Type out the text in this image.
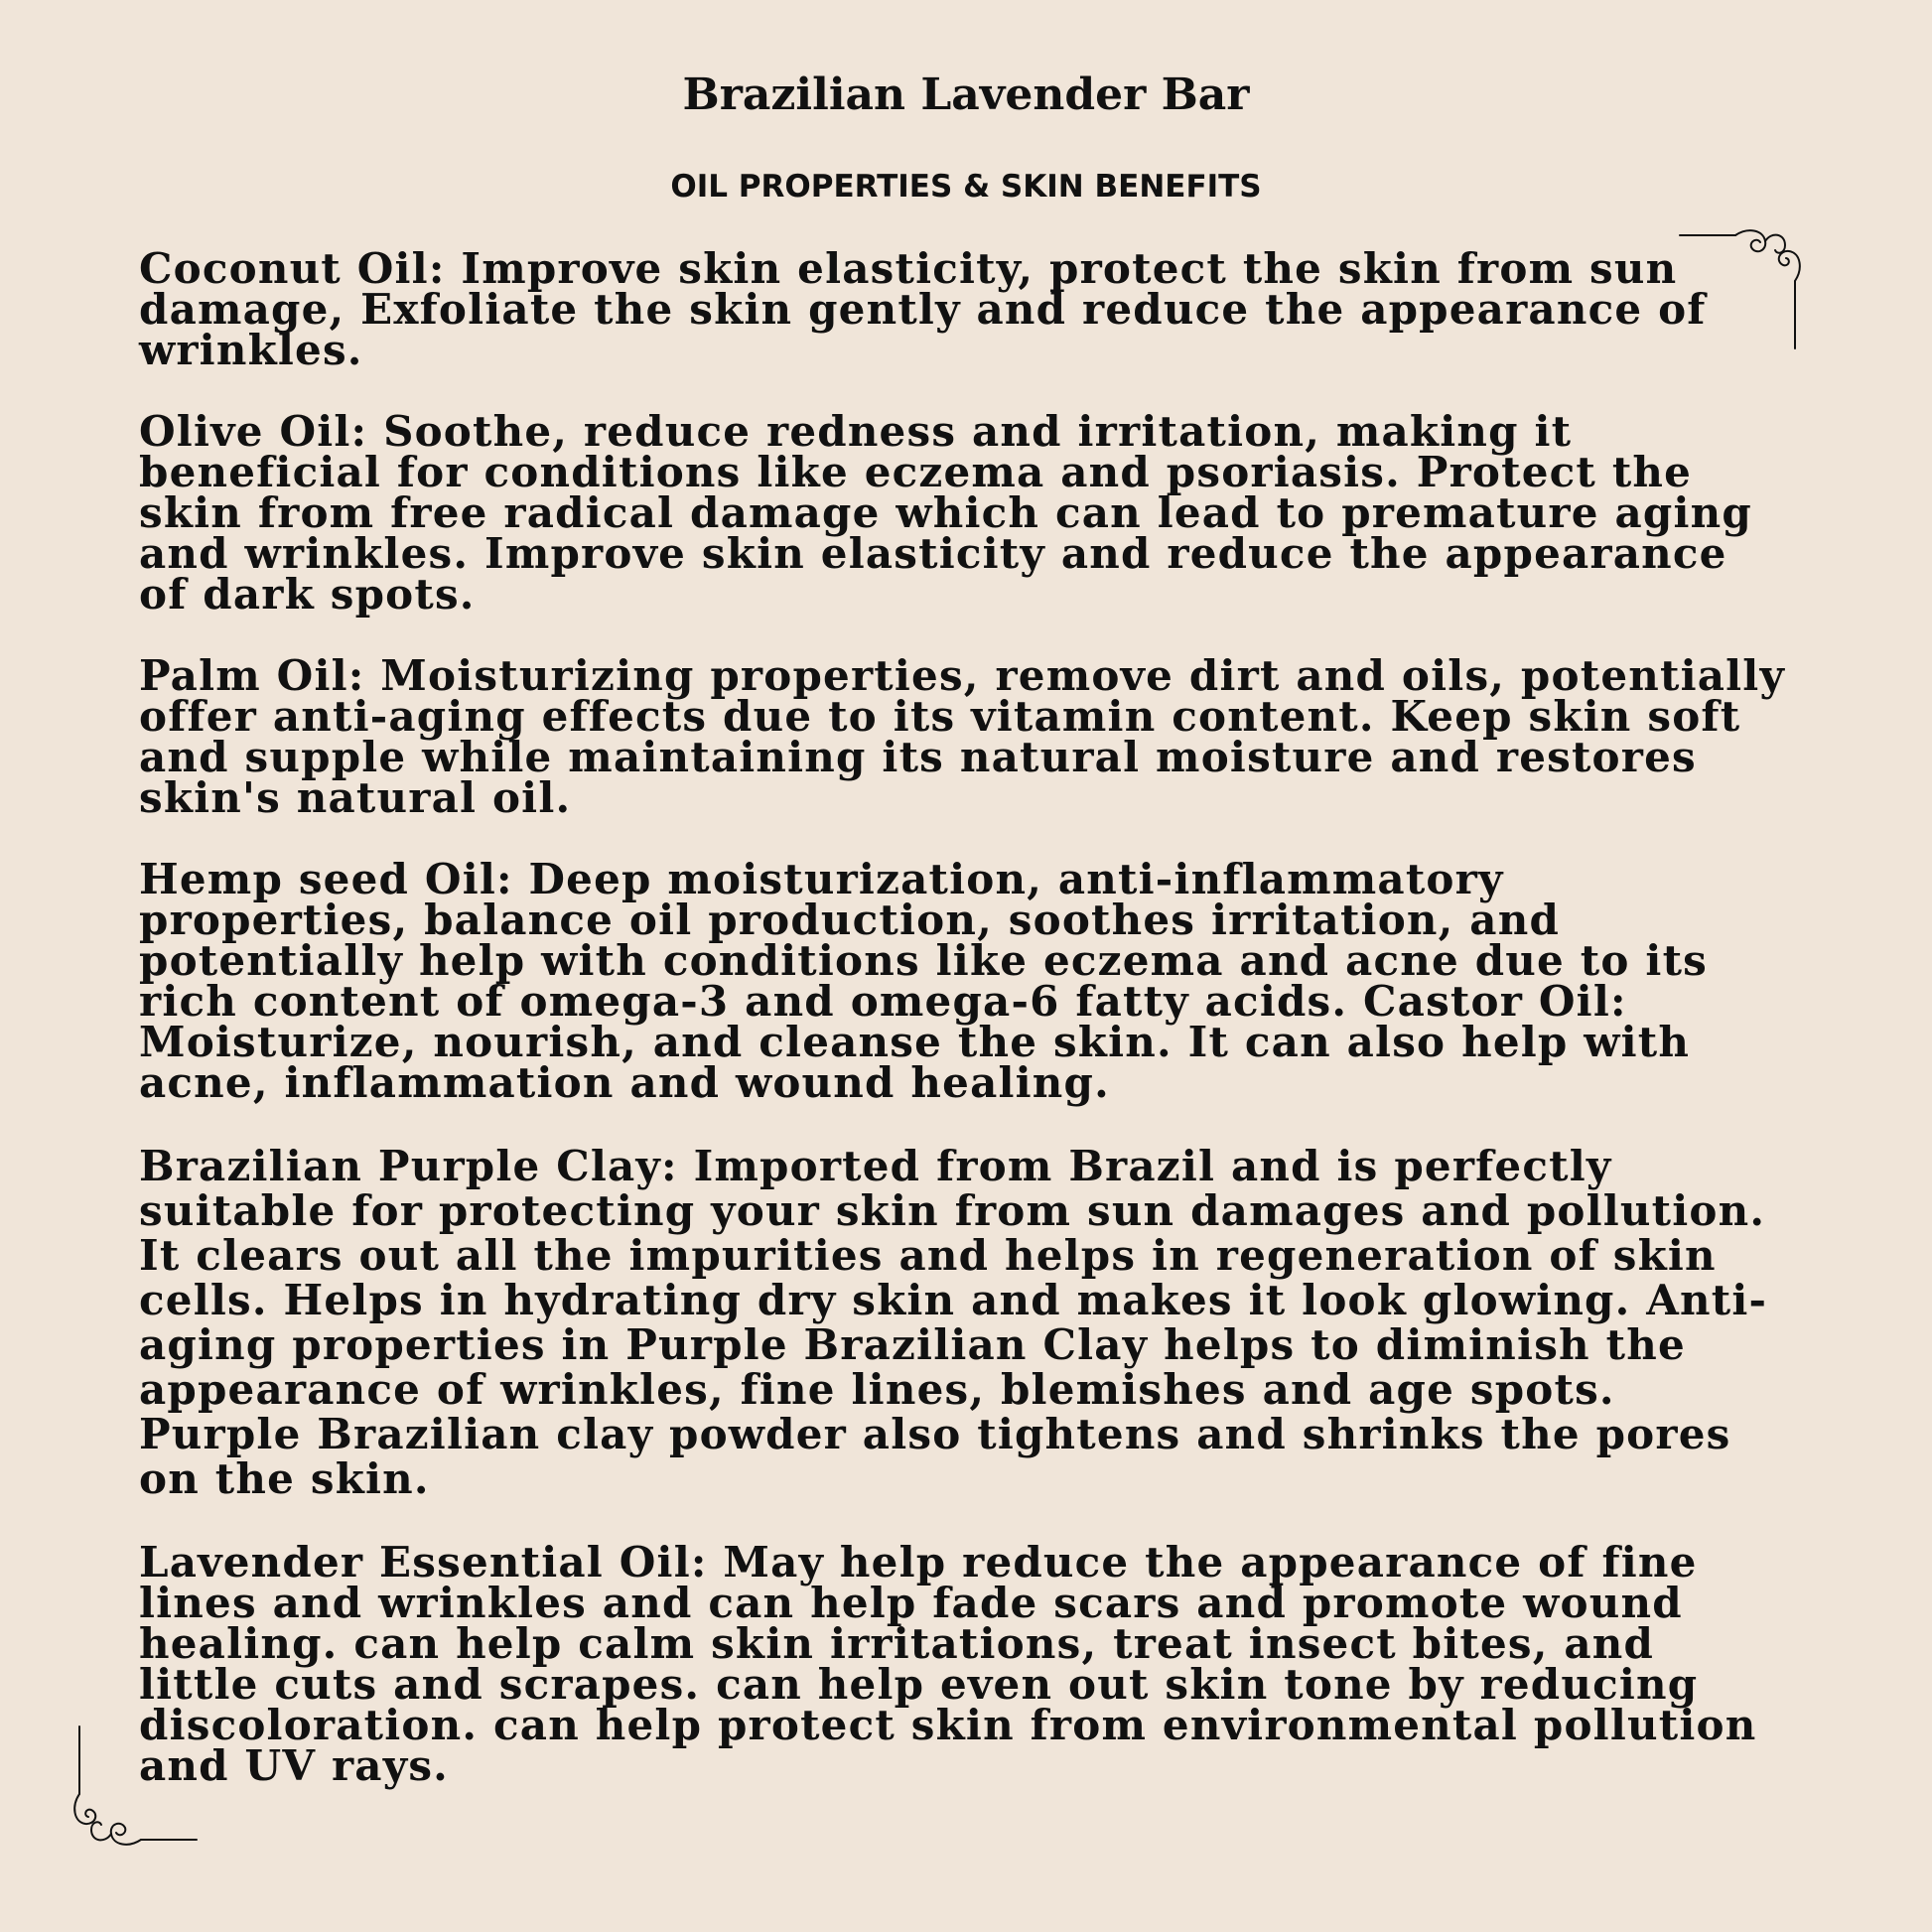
Brazilian Lavender Bar
OIL PROPERTIES & SKIN BENEFITS

Coconut Oil: Improve skin elasticity, protect the skin from sun damage, Exfoliate the skin gently and reduce the appearance of wrinkles.

Olive Oil: Soothe, reduce redness and irritation, making it beneficial for conditions like eczema and psoriasis. Protect the skin from free radical damage which can lead to premature aging and wrinkles. Improve skin elasticity and reduce the appearance of dark spots.

Palm Oil: Moisturizing properties, remove dirt and oils, potentially offer anti-aging effects due to its vitamin content. Keep skin soft and supple while maintaining its natural moisture and restores skin's natural oil.

Hemp seed Oil: Deep moisturization, anti-inflammatory properties, balance oil production, soothes irritation, and potentially help with conditions like eczema and acne due to its rich content of omega-3 and omega-6 fatty acids. Castor Oil: Moisturize, nourish, and cleanse the skin. It can also help with acne, inflammation and wound healing.

Brazilian Purple Clay: Imported from Brazil and is perfectly suitable for protecting your skin from sun damages and pollution. It clears out all the impurities and helps in regeneration of skin cells. Helps in hydrating dry skin and makes it look glowing. Anti-aging properties in Purple Brazilian Clay helps to diminish the appearance of wrinkles, fine lines, blemishes and age spots. Purple Brazilian clay powder also tightens and shrinks the pores on the skin.

Lavender Essential Oil: May help reduce the appearance of fine lines and wrinkles and can help fade scars and promote wound healing. can help calm skin irritations, treat insect bites, and little cuts and scrapes. can help even out skin tone by reducing discoloration. can help protect skin from environmental pollution and UV rays.
